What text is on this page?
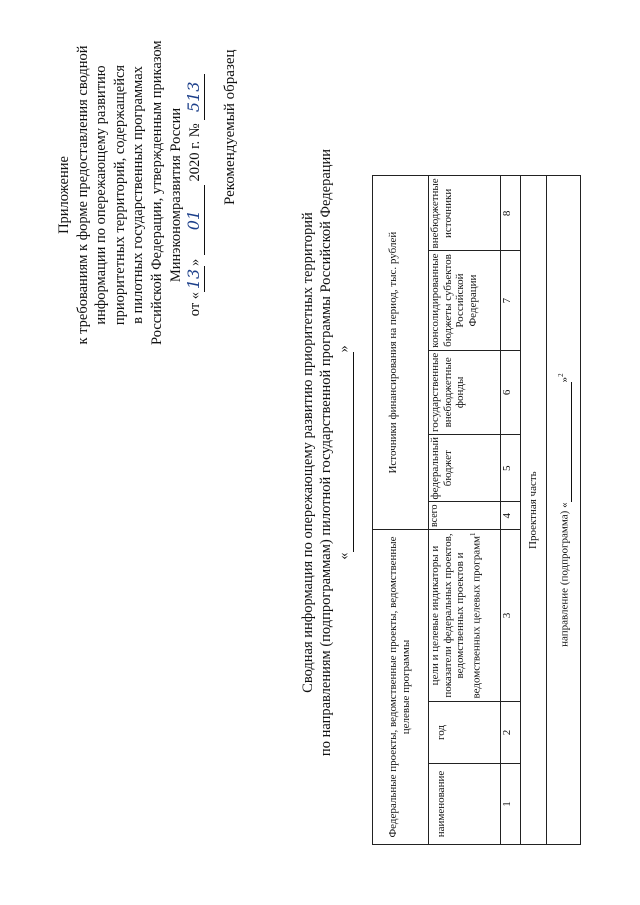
Приложение к требованиям к форме предоставления сводной информации по опережающему развитию приоритетных территорий, содержащейся в пилотных государственных программах Российской Федерации, утвержденным приказом Минэкономразвития России
от «13» 01 2020 г. № 513 Рекомендуемый образец
Сводная информация по опережающему развитию приоритетных территорий по направлениям (подпрограммам) пилотной государственной программы Российской Федерации « »
Федеральные проекты, ведомственные проекты, ведомственные целевые программы			Источники финансирования на период, тыс. рублей				
наименование	год	цели и целевые индикаторы и показатели федеральных проектов, ведомственных проектов и ведомственных целевых программ$^1$	всего	федеральный бюджет	государственные внебюджетные фонды	консолидированные бюджеты субъектов Российской Федерации	внебюджетные источники
1	2	3	4	5	6	7	8
Проектная часть							
направление (подпрограмма) « »$^2$
